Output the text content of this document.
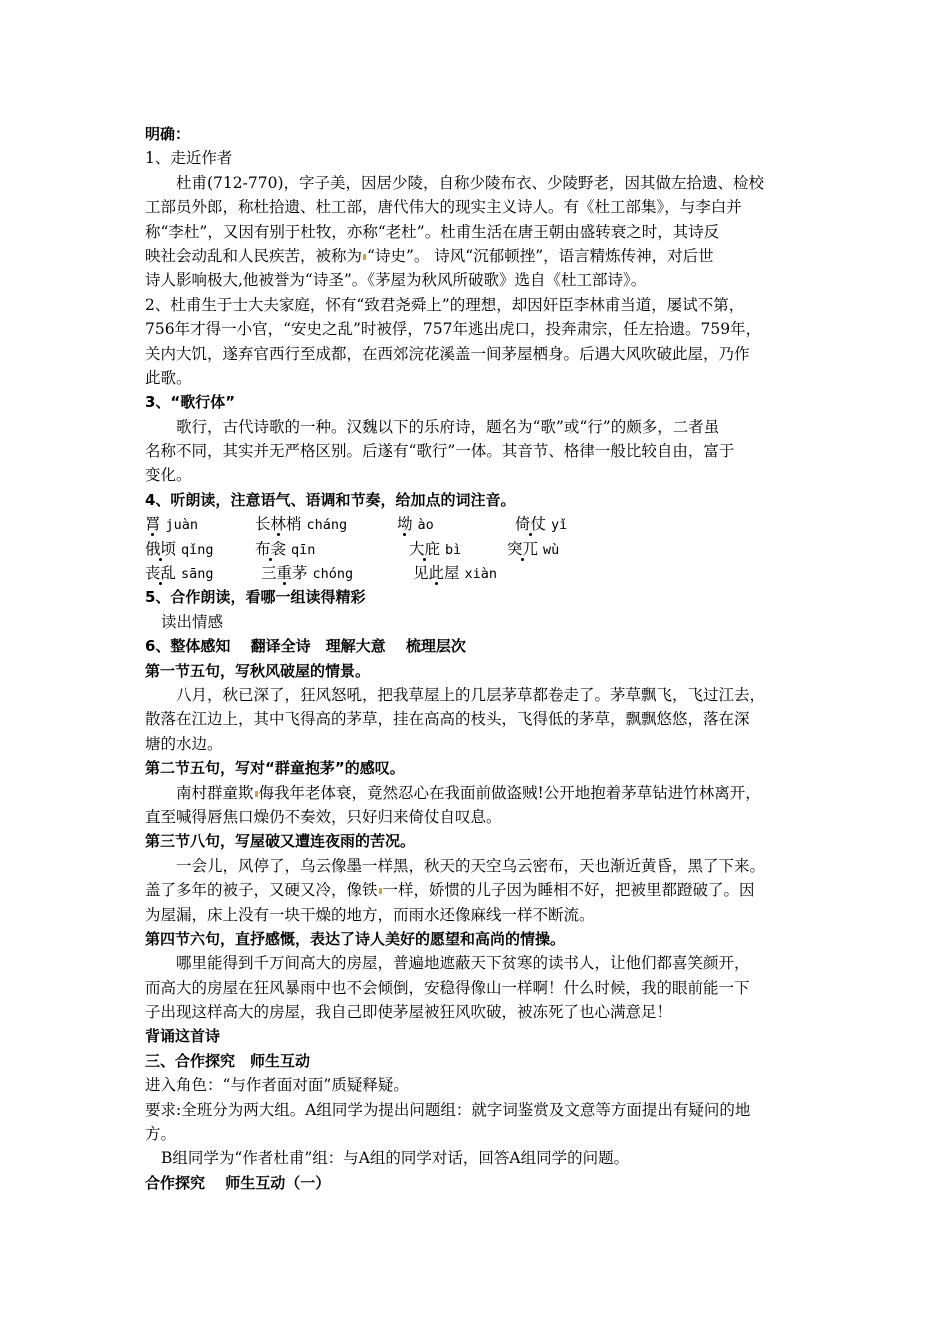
明确：
1、走近作者
杜甫(712-770)，字子美，因居少陵，自称少陵布衣、少陵野老，因其做左拾遗、检校
工部员外郎，称杜拾遗、杜工部，唐代伟大的现实主义诗人。有《杜工部集》，与李白并
称“李杜”，又因有别于杜牧，亦称“老杜”。杜甫生活在唐王朝由盛转衰之时，其诗反
映社会动乱和人民疾苦，被称为 “诗史”。 诗风“沉郁顿挫”，语言精炼传神，对后世
诗人影响极大,他被誉为“诗圣”。《茅屋为秋风所破歌》选自《杜工部诗》。
2、杜甫生于士大夫家庭，怀有“致君尧舜上”的理想，却因奸臣李林甫当道，屡试不第，
756年才得一小官，“安史之乱”时被俘，757年逃出虎口，投奔肃宗，任左拾遗。759年，
关内大饥，遂弃官西行至成都，在西郊浣花溪盖一间茅屋栖身。后遇大风吹破此屋，乃作
此歌。
3、“歌行体”
歌行，古代诗歌的一种。汉魏以下的乐府诗，题名为“歌”或“行”的颇多，二者虽
名称不同，其实并无严格区别。后遂有“歌行”一体。其音节、格律一般比较自由，富于
变化。
4、听朗读，注意语气、语调和节奏，给加点的词注音。
罥 juàn	长林梢 cháng	坳 ào	倚仗 yǐ
俄顷 qǐng	布衾 qīn	大庇 bì	突兀 wù
丧乱 sāng	三重茅 chóng	见此屋 xiàn
5、合作朗读，看哪一组读得精彩
读出情感
6、整体感知　 翻译全诗　理解大意　 梳理层次
第一节五句，写秋风破屋的情景。
八月，秋已深了，狂风怒吼，把我草屋上的几层茅草都卷走了。茅草飘飞，飞过江去，
散落在江边上，其中飞得高的茅草，挂在高高的枝头，飞得低的茅草，飘飘悠悠，落在深
塘的水边。
第二节五句，写对“群童抱茅”的感叹。
南村群童欺 侮我年老体衰，竟然忍心在我面前做盗贼!公开地抱着茅草钻进竹林离开，
直至喊得唇焦口燥仍不奏效，只好归来倚仗自叹息。
第三节八句，写屋破又遭连夜雨的苦况。
一会儿，风停了，乌云像墨一样黑，秋天的天空乌云密布，天也渐近黄昏，黑了下来。
盖了多年的被子，又硬又冷，像铁 一样，娇惯的儿子因为睡相不好，把被里都蹬破了。因
为屋漏，床上没有一块干燥的地方，而雨水还像麻线一样不断流。
第四节六句，直抒感慨，表达了诗人美好的愿望和高尚的情操。
哪里能得到千万间高大的房屋，普遍地遮蔽天下贫寒的读书人，让他们都喜笑颜开，
而高大的房屋在狂风暴雨中也不会倾倒，安稳得像山一样啊！什么时候，我的眼前能一下
子出现这样高大的房屋，我自己即使茅屋被狂风吹破，被冻死了也心满意足！
背诵这首诗
三、合作探究　师生互动
进入角色：“与作者面对面”质疑释疑。
要求:全班分为两大组。A组同学为提出问题组：就字词鉴赏及文意等方面提出有疑问的地
方。
B组同学为“作者杜甫”组：与A组的同学对话，回答A组同学的问题。
合作探究　 师生互动（一）
